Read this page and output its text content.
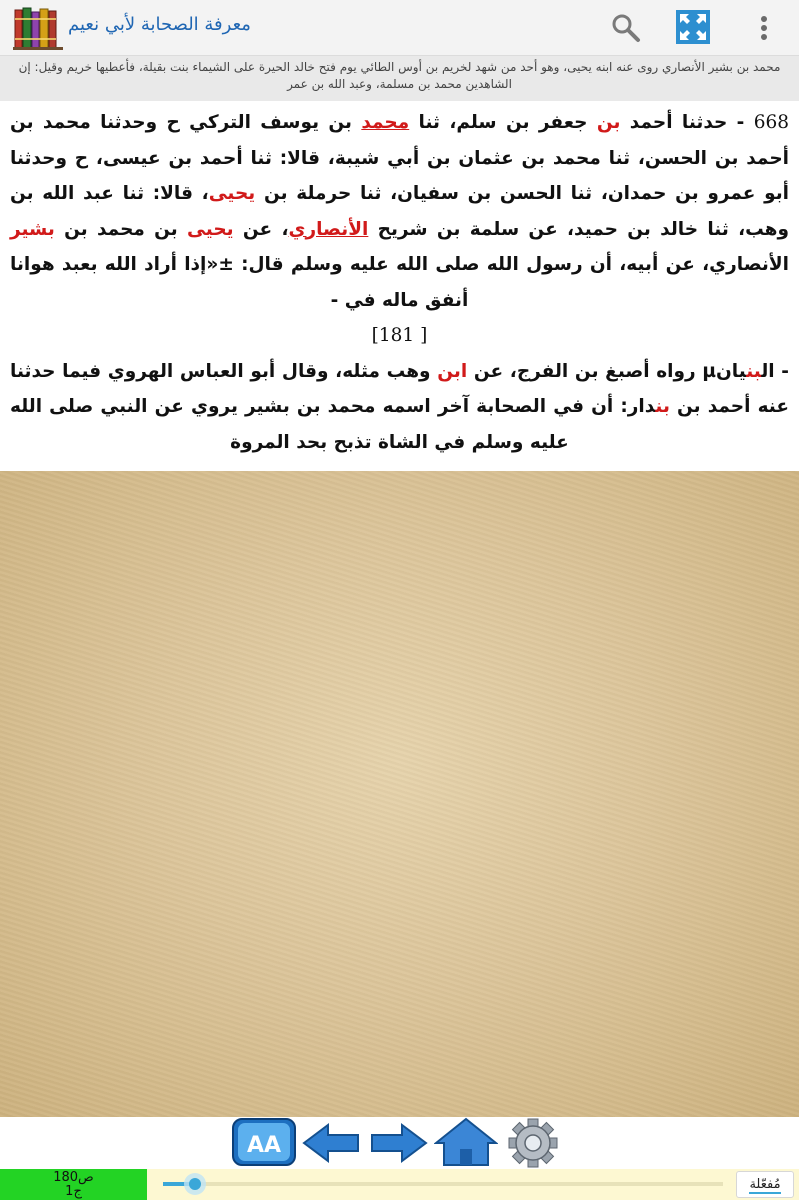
معرفة الصحابة لأبي نعيم
محمد بن بشير الأنصاري روى عنه ابنه يحيى، وهو أحد من شهد لخريم بن أوس الطائي يوم فتح خالد الحيرة على الشيماء بنت بقيلة، فأعطيها خريم وقيل: إن الشاهدين محمد بن مسلمة، وعبد الله بن عمر

668 - حدثنا أحمد بن جعفر بن سلم، ثنا محمد بن يوسف التركي ح وحدثنا محمد بن أحمد بن الحسن، ثنا محمد بن عثمان بن أبي شيبة، قالا: ثنا أحمد بن عيسى، ح وحدثنا أبو عمرو بن حمدان، ثنا الحسن بن سفيان، ثنا حرملة بن يحيى، قالا: ثنا عبد الله بن وهب، ثنا خالد بن حميد، عن سلمة بن شريح الأنصاري، عن يحيى بن محمد بن بشير الأنصاري، عن أبيه، أن رسول الله صلى الله عليه وسلم قال: ±«إذا أراد الله بعبد هوانا أنفق ماله في -

[ 181]

- البنيانµ رواه أصبغ بن الفرج، عن ابن وهب مثله، وقال أبو العباس الهروي فيما حدثنا عنه أحمد بن بندار: أن في الصحابة آخر اسمه محمد بن بشير يروي عن النبي صلى الله عليه وسلم في الشاة تذبح بحد المروة

AA
ص180
ج1	مُفعّلة
